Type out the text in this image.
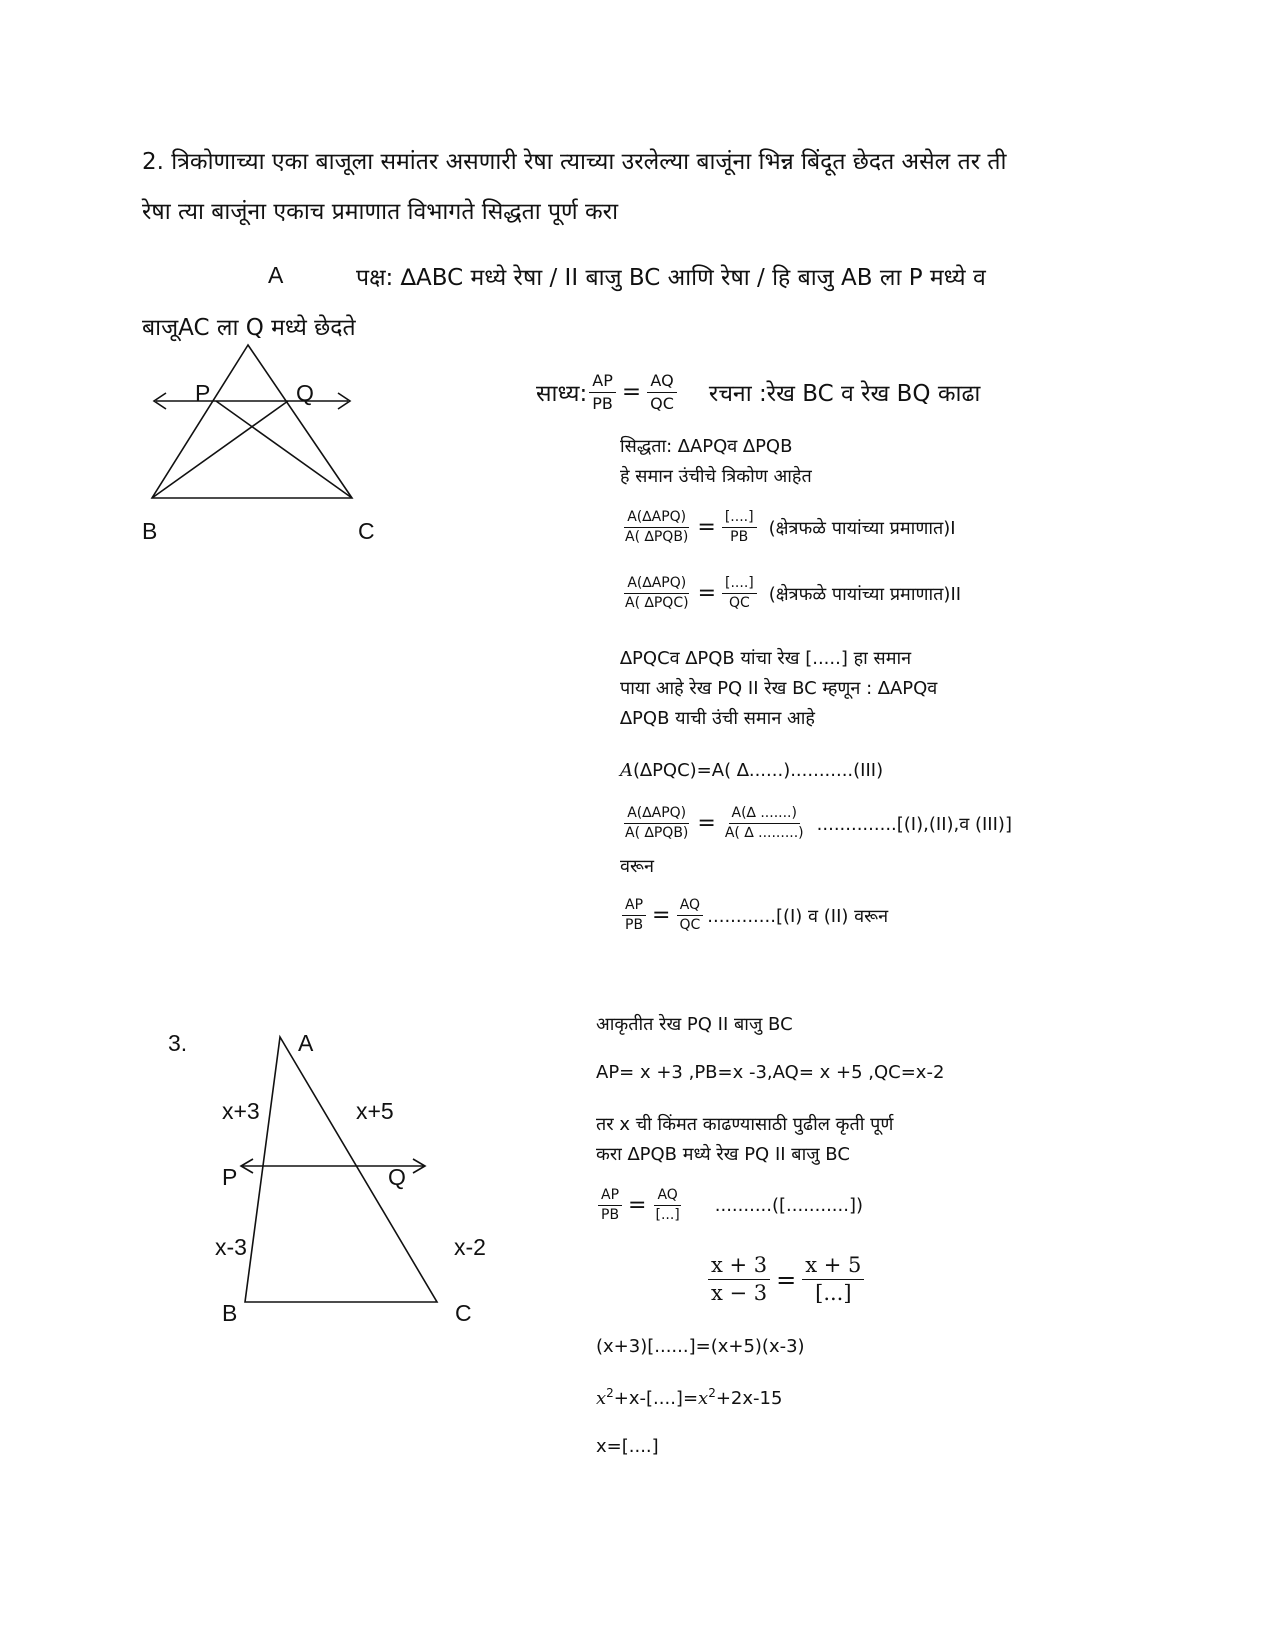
2. त्रिकोणाच्या एका बाजूला समांतर असणारी रेषा त्याच्या उरलेल्या बाजूंना भिन्न बिंदूत छेदत असेल तर ती
रेषा त्या बाजूंना एकाच प्रमाणात विभागते सिद्धता पूर्ण करा
A	पक्ष: ∆ABC मध्ये रेषा / II बाजु BC आणि रेषा / हि बाजु AB ला P मध्ये व
बाजूAC ला Q मध्ये छेदते
P	Q
B	C
साध्य: $\frac{AP}{PB} = \frac{AQ}{QC}$ रचना :रेख BC व रेख BQ काढा
सिद्धता: ∆APQव ∆PQB
हे समान उंचीचे त्रिकोण आहेत
$\frac{\text{A(∆APQ)}}{\text{A( ∆PQB)}} = \frac{[....]}{PB}$ (क्षेत्रफळे पायांच्या प्रमाणात)I
$\frac{\text{A(∆APQ)}}{\text{A( ∆PQC)}} = \frac{[....]}{QC}$ (क्षेत्रफळे पायांच्या प्रमाणात)II
∆PQCव ∆PQB यांचा रेख [.....] हा समान
पाया आहे रेख PQ II रेख BC म्हणून : ∆APQव
∆PQB याची उंची समान आहे
A(∆PQC)=A( ∆......)...........(III)
$\frac{\text{A(∆APQ)}}{\text{A( ∆PQB)}} = \frac{A(\Delta .......)}{A( \Delta .........)}$ ..............[(I),(II),व (III)]
वरून
$\frac{AP}{PB} = \frac{AQ}{QC} ............[(I)$ व (II) वरून
3.	A
x+3	x+5
P	Q
x-3	x-2
B	C
आकृतीत रेख PQ II बाजु BC
AP= x +3 ,PB=x -3,AQ= x +5 ,QC=x-2
तर x ची किंमत काढण्यासाठी पुढील कृती पूर्ण
करा ∆PQB मध्ये रेख PQ II बाजु BC
$\frac{AP}{PB} = \frac{AQ}{[...]}$ ..........([...........])
$\frac{x + 3}{x - 3} = \frac{x + 5}{[...]}$
(x+3)[......]=(x+5)(x-3)
$x^2+x-[....]=x^2+2x-15$
x=[....]
